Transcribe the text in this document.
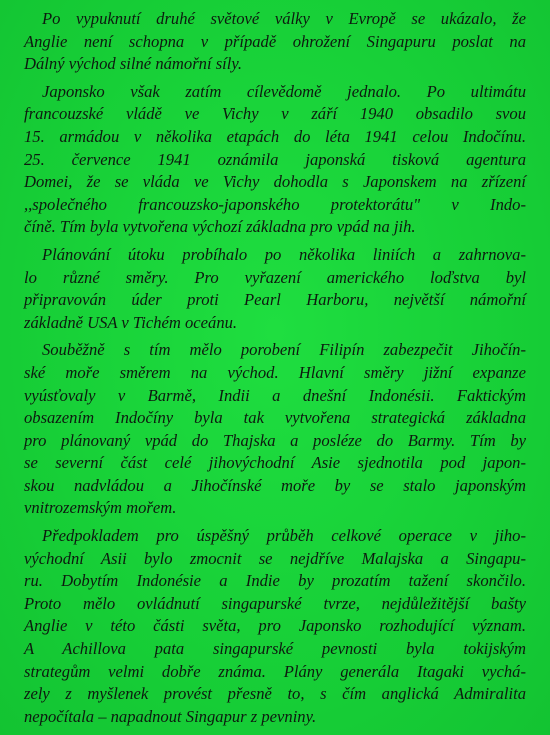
Po vypuknutí druhé světové války v Evropě se ukázalo, že
Anglie není schopna v případě ohrožení Singapuru poslat na
Dálný východ silné námořní síly.
Japonsko však zatím cílevědomě jednalo. Po ultimátu
francouzské vládě ve Vichy v září 1940 obsadilo svou
15. armádou v několika etapách do léta 1941 celou Indočínu.
25. července 1941 oznámila japonská tisková agentura
Domei, že se vláda ve Vichy dohodla s Japonskem na zřízení
,,společného francouzsko-japonského protektorátu" v Indo-
číně. Tím byla vytvořena výchozí základna pro vpád na jih.
Plánování útoku probíhalo po několika liniích a zahrnova-
lo různé směry. Pro vyřazení amerického loďstva byl
připravován úder proti Pearl Harboru, největší námořní
základně USA v Tichém oceánu.
Souběžně s tím mělo porobení Filipín zabezpečit Jihočín-
ské moře směrem na východ. Hlavní směry jižní expanze
vyúsťovaly v Barmě, Indii a dnešní Indonésii. Faktickým
obsazením Indočíny byla tak vytvořena strategická základna
pro plánovaný vpád do Thajska a posléze do Barmy. Tím by
se severní část celé jihovýchodní Asie sjednotila pod japon-
skou nadvládou a Jihočínské moře by se stalo japonským
vnitrozemským mořem.
Předpokladem pro úspěšný průběh celkové operace v jiho-
východní Asii bylo zmocnit se nejdříve Malajska a Singapu-
ru. Dobytím Indonésie a Indie by prozatím tažení skončilo.
Proto mělo ovládnutí singapurské tvrze, nejdůležitější bašty
Anglie v této části světa, pro Japonsko rozhodující význam.
A Achillova pata singapurské pevnosti byla tokijským
strategům velmi dobře známa. Plány generála Itagaki vychá-
zely z myšlenek provést přesně to, s čím anglická Admiralita
nepočítala – napadnout Singapur z pevniny.
